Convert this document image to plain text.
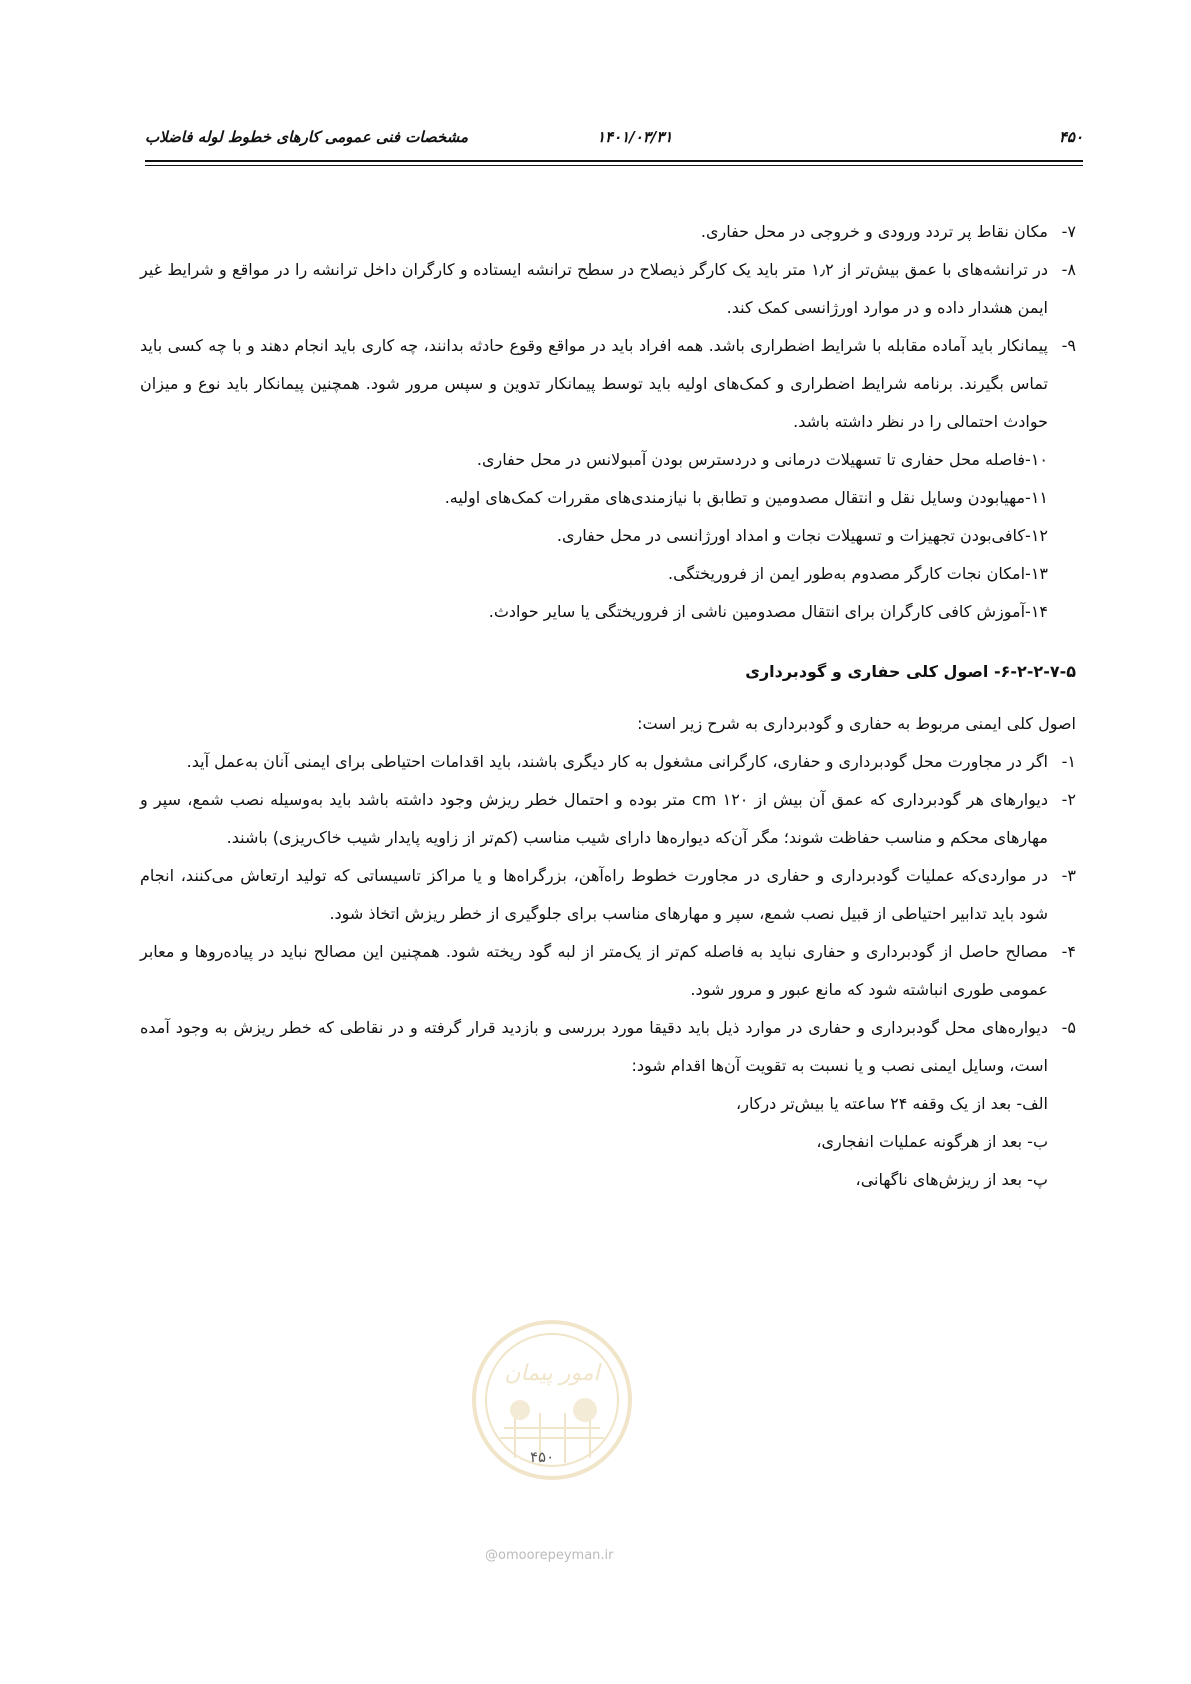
۴۵۰
۱۴۰۱/۰۳/۳۱
مشخصات فنی عمومی کارهای خطوط لوله فاضلاب
۷-
مکان نقاط پر تردد ورودی و خروجی در محل حفاری.
۸-
در ترانشه‌های با عمق بیش‌تر از ۱٫۲ متر باید یک کارگر ذیصلاح در سطح ترانشه ایستاده و کارگران داخل ترانشه را در مواقع و شرایط غیر ایمن هشدار داده و در موارد اورژانسی کمک کند.
۹-
پیمانکار باید آماده مقابله با شرایط اضطراری باشد. همه افراد باید در مواقع وقوع حادثه بدانند، چه کاری باید انجام دهند و با چه کسی باید تماس بگیرند. برنامه شرایط اضطراری و کمک‌های اولیه باید توسط پیمانکار تدوین و سپس مرور شود. همچنین پیمانکار باید نوع و میزان حوادث احتمالی را در نظر داشته باشد.

۱۰-فاصله محل حفاری تا تسهیلات درمانی و دردسترس بودن آمبولانس در محل حفاری.

۱۱-مهیابودن وسایل نقل و انتقال مصدومین و تطابق با نیازمندی‌های مقررات کمک‌های اولیه.

۱۲-کافی‌بودن تجهیزات و تسهیلات نجات و امداد اورژانسی در محل حفاری.

۱۳-امکان نجات کارگر مصدوم به‌طور ایمن از فروریختگی.

۱۴-آموزش کافی کارگران برای انتقال مصدومین ناشی از فروریختگی یا سایر حوادث.

۶-۲-۲-۷-۵- اصول کلی حفاری و گودبرداری

اصول کلی ایمنی مربوط به حفاری و گودبرداری به شرح زیر است:

۱-
اگر در مجاورت محل گودبرداری و حفاری، کارگرانی مشغول به کار دیگری باشند، باید اقدامات احتیاطی برای ایمنی آنان به‌عمل آید.
۲-
دیوارهای هر گودبرداری که عمق آن بیش از ۱۲۰ cm متر بوده و احتمال خطر ریزش وجود داشته باشد باید به‌وسیله نصب شمع، سپر و مهارهای محکم و مناسب حفاظت شوند؛ مگر آن‌که دیواره‌ها دارای شیب مناسب (کم‌تر از زاویه پایدار شیب خاک‌ریزی) باشند.
۳-
در مواردی‌که عملیات گودبرداری و حفاری در مجاورت خطوط راه‌آهن، بزرگراه‌ها و یا مراکز تاسیساتی که تولید ارتعاش می‌کنند، انجام شود باید تدابیر احتیاطی از قبیل نصب شمع، سپر و مهارهای مناسب برای جلوگیری از خطر ریزش اتخاذ شود.
۴-
مصالح حاصل از گودبرداری و حفاری نباید به فاصله کم‌تر از یک‌متر از لبه گود ریخته شود. همچنین این مصالح نباید در پیاده‌روها و معابر عمومی طوری انباشته شود که مانع عبور و مرور شود.
۵-
دیواره‌های محل گودبرداری و حفاری در موارد ذیل باید دقیقا مورد بررسی و بازدید قرار گرفته و در نقاطی که خطر ریزش به وجود آمده است، وسایل ایمنی نصب و یا نسبت به تقویت آن‌ها اقدام شود:

الف- بعد از یک وقفه ۲۴ ساعته یا بیش‌تر درکار،

ب- بعد از هرگونه عملیات انفجاری،

پ- بعد از ریزش‌های ناگهانی،

امور پیمان
۴۵۰
@omoorepeyman.ir
